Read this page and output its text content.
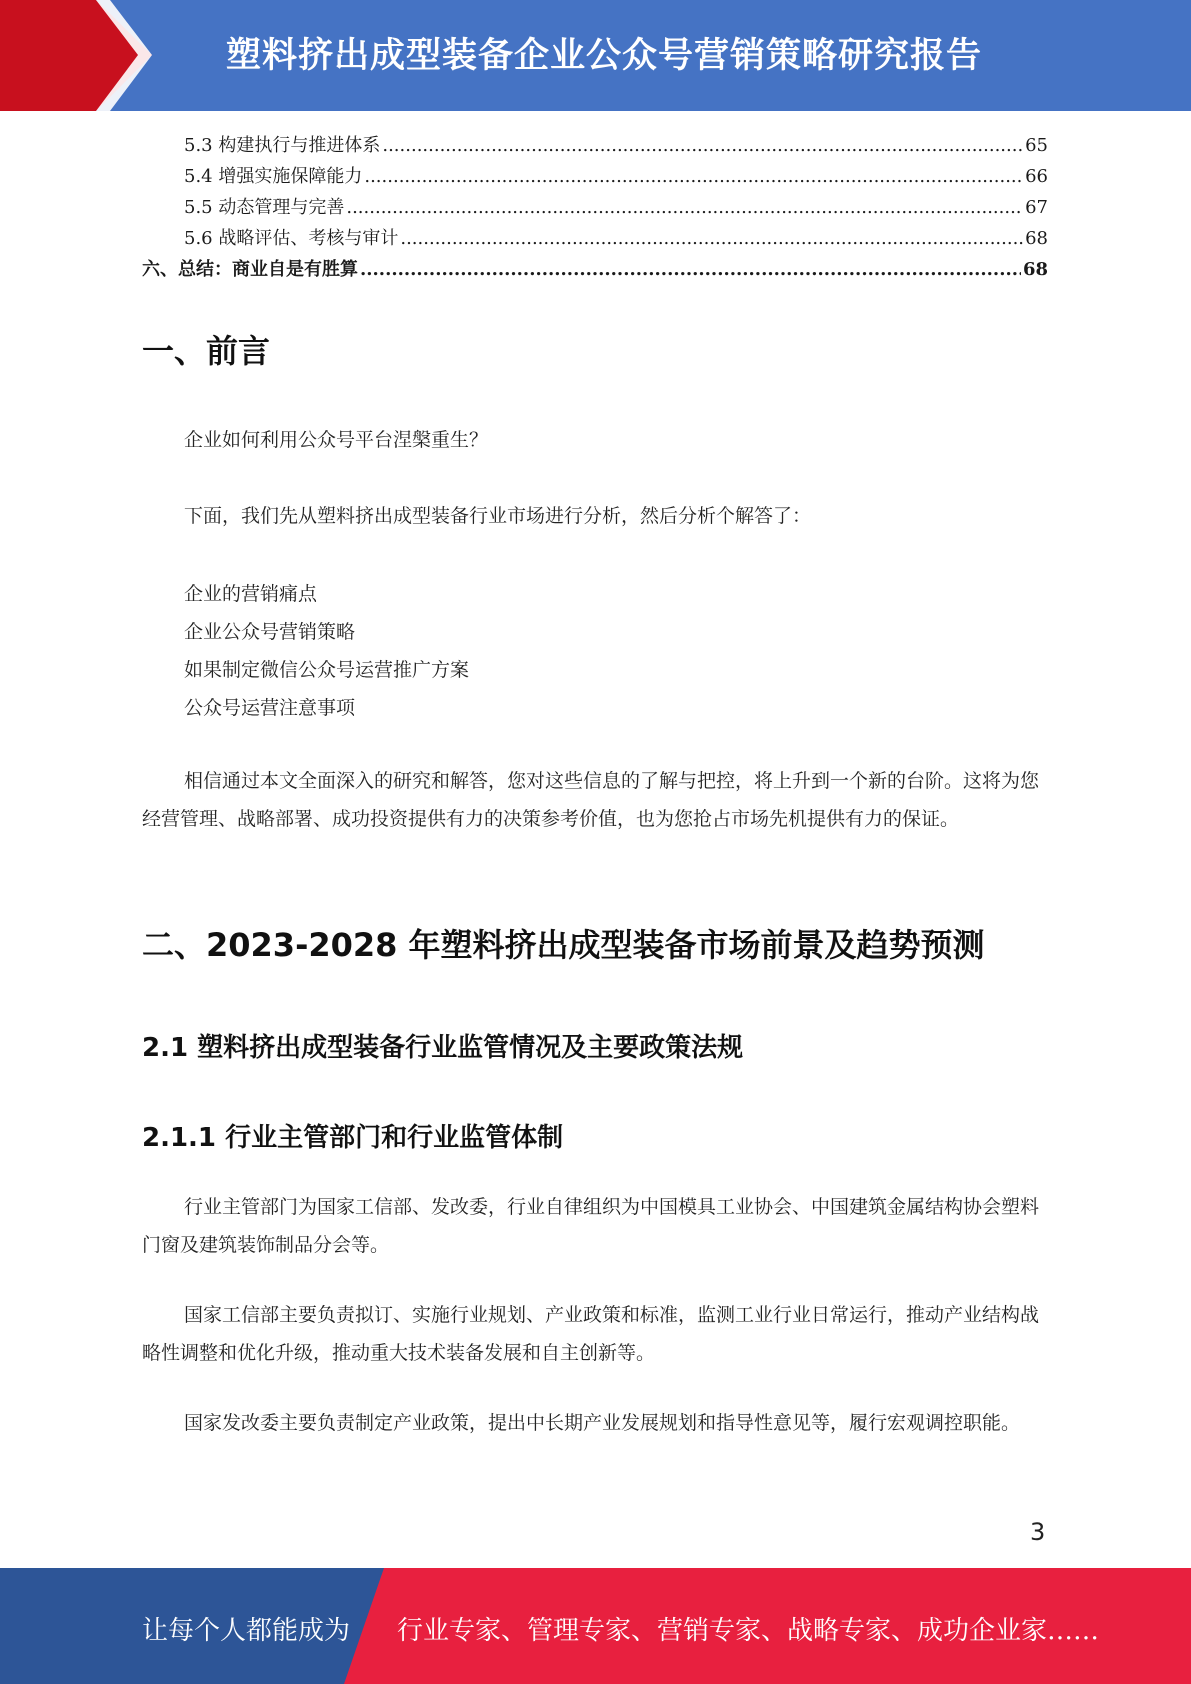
塑料挤出成型装备企业公众号营销策略研究报告
5.3 构建执行与推进体系 .....	65
5.4 增强实施保障能力 .....	66
5.5 动态管理与完善 .....	67
5.6 战略评估、考核与审计 .....	68
六、总结：商业自是有胜算 .....	68
一、前言
企业如何利用公众号平台涅槃重生？
下面，我们先从塑料挤出成型装备行业市场进行分析，然后分析个解答了：
企业的营销痛点
企业公众号营销策略
如果制定微信公众号运营推广方案
公众号运营注意事项
相信通过本文全面深入的研究和解答，您对这些信息的了解与把控，将上升到一个新的台阶。这将为您经营管理、战略部署、成功投资提供有力的决策参考价值，也为您抢占市场先机提供有力的保证。
二、2023-2028 年塑料挤出成型装备市场前景及趋势预测
2.1 塑料挤出成型装备行业监管情况及主要政策法规
2.1.1 行业主管部门和行业监管体制
行业主管部门为国家工信部、发改委，行业自律组织为中国模具工业协会、中国建筑金属结构协会塑料门窗及建筑装饰制品分会等。
国家工信部主要负责拟订、实施行业规划、产业政策和标准，监测工业行业日常运行，推动产业结构战略性调整和优化升级，推动重大技术装备发展和自主创新等。
国家发改委主要负责制定产业政策，提出中长期产业发展规划和指导性意见等，履行宏观调控职能。
3
让每个人都能成为 行业专家、管理专家、营销专家、战略专家、成功企业家……
